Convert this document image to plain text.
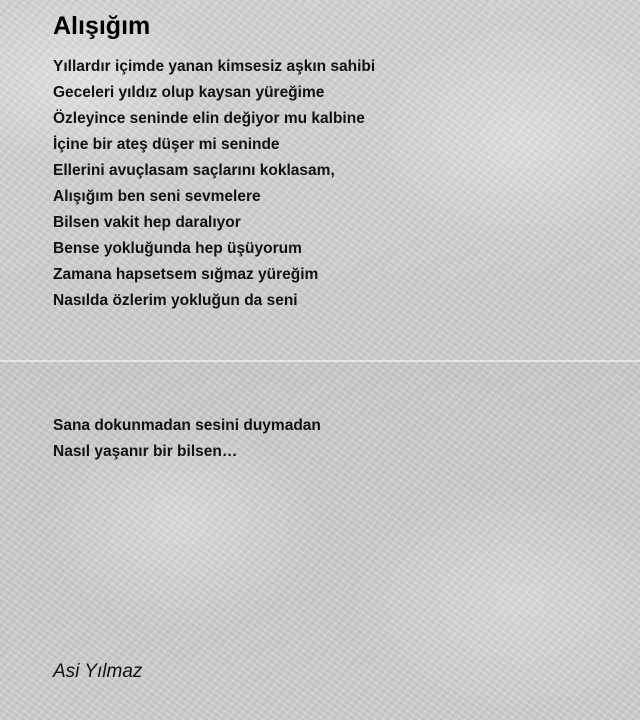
Alışığım
Yıllardır içimde yanan kimsesiz aşkın sahibi
Geceleri yıldız olup kaysan yüreğime
Özleyince seninde elin değiyor mu kalbine
İçine bir ateş düşer mi seninde
Ellerini avuçlasam saçlarını koklasam,
Alışığım ben seni sevmelere
Bilsen vakit hep daralıyor
Bense yokluğunda hep üşüyorum
Zamana hapsetsem sığmaz yüreğim
Nasılda özlerim yokluğun da seni
Sana dokunmadan sesini duymadan
Nasıl yaşanır bir bilsen…
Asi Yılmaz
